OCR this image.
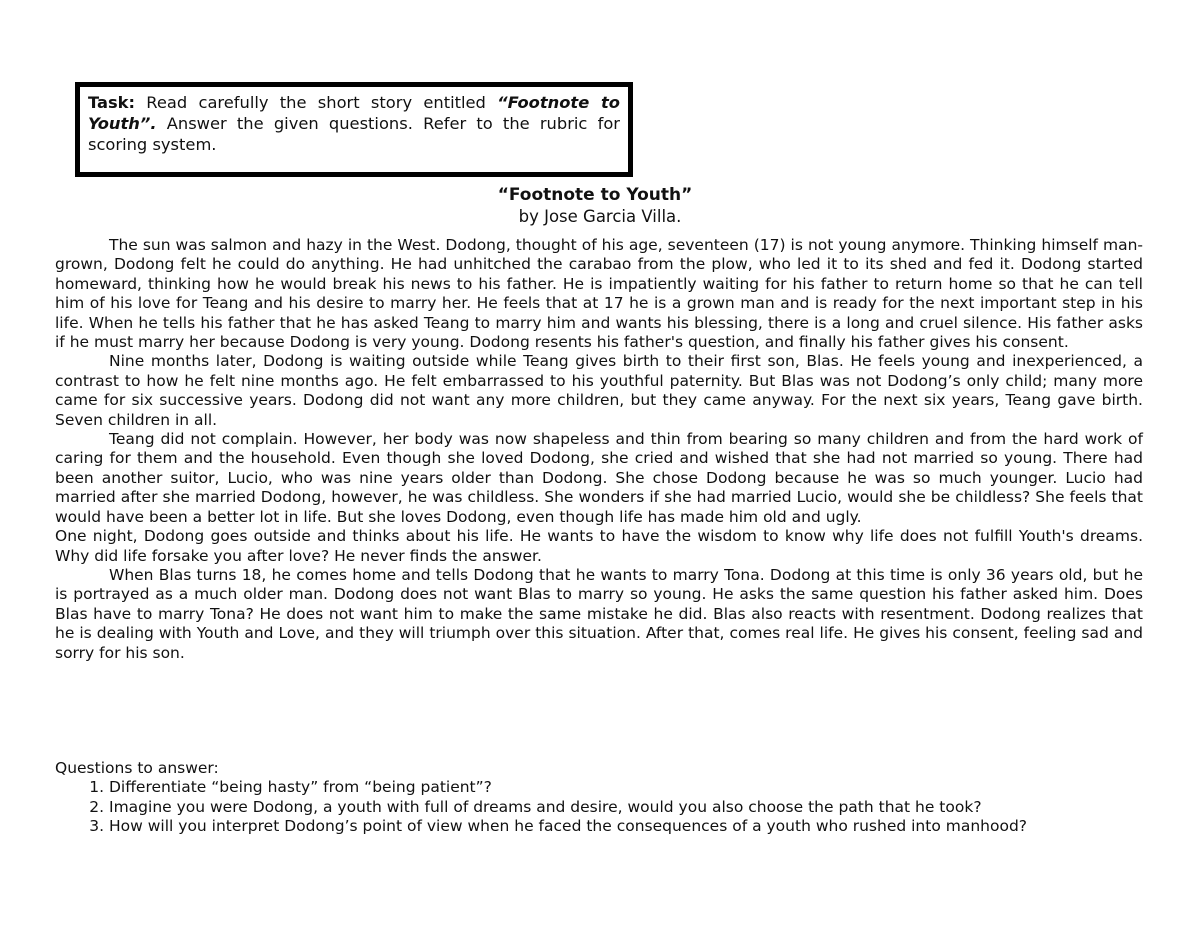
Task: Read carefully the short story entitled “Footnote to Youth”. Answer the given questions. Refer to the rubric for scoring system.
“Footnote to Youth”
by Jose Garcia Villa.

The sun was salmon and hazy in the West. Dodong, thought of his age, seventeen (17) is not young anymore. Thinking himself man-grown, Dodong felt he could do anything. He had unhitched the carabao from the plow, who led it to its shed and fed it. Dodong started homeward, thinking how he would break his news to his father. He is impatiently waiting for his father to return home so that he can tell him of his love for Teang and his desire to marry her. He feels that at 17 he is a grown man and is ready for the next important step in his life. When he tells his father that he has asked Teang to marry him and wants his blessing, there is a long and cruel silence. His father asks if he must marry her because Dodong is very young. Dodong resents his father's question, and finally his father gives his consent.

Nine months later, Dodong is waiting outside while Teang gives birth to their first son, Blas. He feels young and inexperienced, a contrast to how he felt nine months ago. He felt embarrassed to his youthful paternity. But Blas was not Dodong’s only child; many more came for six successive years. Dodong did not want any more children, but they came anyway. For the next six years, Teang gave birth. Seven children in all.

Teang did not complain. However, her body was now shapeless and thin from bearing so many children and from the hard work of caring for them and the household. Even though she loved Dodong, she cried and wished that she had not married so young. There had been another suitor, Lucio, who was nine years older than Dodong. She chose Dodong because he was so much younger. Lucio had married after she married Dodong, however, he was childless. She wonders if she had married Lucio, would she be childless? She feels that would have been a better lot in life. But she loves Dodong, even though life has made him old and ugly.

One night, Dodong goes outside and thinks about his life. He wants to have the wisdom to know why life does not fulfill Youth's dreams. Why did life forsake you after love? He never finds the answer.

When Blas turns 18, he comes home and tells Dodong that he wants to marry Tona. Dodong at this time is only 36 years old, but he is portrayed as a much older man. Dodong does not want Blas to marry so young. He asks the same question his father asked him. Does Blas have to marry Tona? He does not want him to make the same mistake he did. Blas also reacts with resentment. Dodong realizes that he is dealing with Youth and Love, and they will triumph over this situation. After that, comes real life. He gives his consent, feeling sad and sorry for his son.

Questions to answer:
1. Differentiate “being hasty” from “being patient”?
2. Imagine you were Dodong, a youth with full of dreams and desire, would you also choose the path that he took?
3. How will you interpret Dodong’s point of view when he faced the consequences of a youth who rushed into manhood?
